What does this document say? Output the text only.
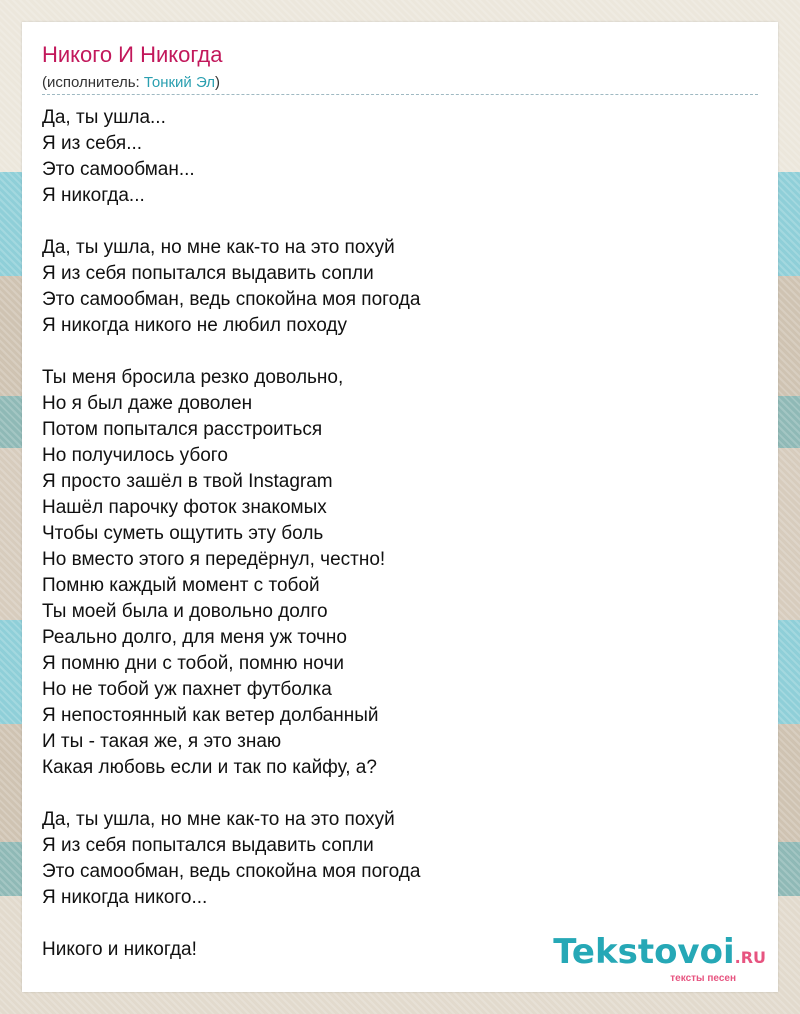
Никого И Никогда
(исполнитель: Тонкий Эл)
Да, ты ушла...
Я из себя...
Это самообман...
Я никогда...
Да, ты ушла, но мне как-то на это похуй
Я из себя попытался выдавить сопли
Это самообман, ведь спокойна моя погода
Я никогда никого не любил походу
Ты меня бросила резко довольно,
Но я был даже доволен
Потом попытался расстроиться
Но получилось убого
Я просто зашёл в твой Instagram
Нашёл парочку фоток знакомых
Чтобы суметь ощутить эту боль
Но вместо этого я передёрнул, честно!
Помню каждый момент с тобой
Ты моей была и довольно долго
Реально долго, для меня уж точно
Я помню дни с тобой, помню ночи
Но не тобой уж пахнет футболка
Я непостоянный как ветер долбанный
И ты - такая же, я это знаю
Какая любовь если и так по кайфу, а?
Да, ты ушла, но мне как-то на это похуй
Я из себя попытался выдавить сопли
Это самообман, ведь спокойна моя погода
Я никогда никого...
Никого и никогда!	Tekstovoi.RU
тексты песен
